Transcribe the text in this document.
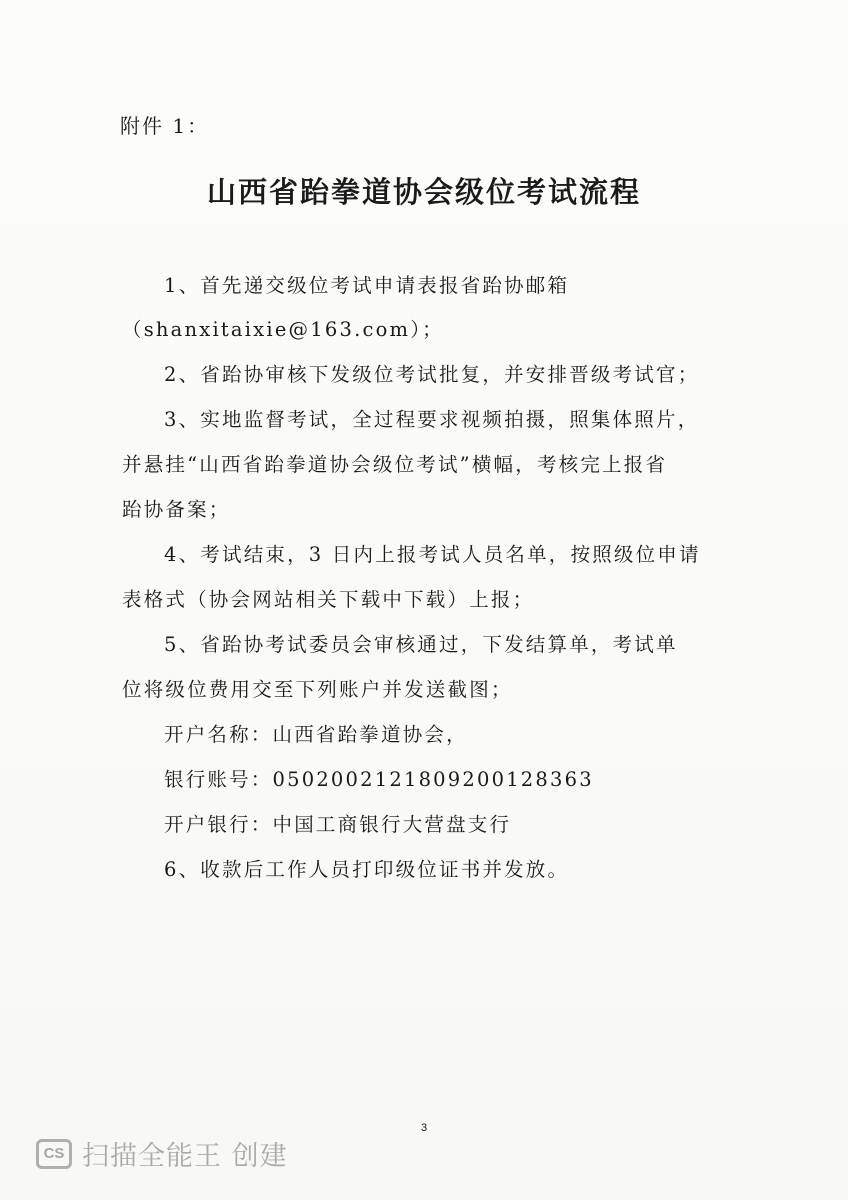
附件 1：
山西省跆拳道协会级位考试流程
1、首先递交级位考试申请表报省跆协邮箱
（shanxitaixie@163.com）；
2、省跆协审核下发级位考试批复，并安排晋级考试官；
3、实地监督考试，全过程要求视频拍摄，照集体照片，
并悬挂“山西省跆拳道协会级位考试”横幅，考核完上报省
跆协备案；
4、考试结束，3 日内上报考试人员名单，按照级位申请
表格式（协会网站相关下载中下载）上报；
5、省跆协考试委员会审核通过，下发结算单，考试单
位将级位费用交至下列账户并发送截图；
开户名称：山西省跆拳道协会，
银行账号：0502002121809200128363
开户银行：中国工商银行大营盘支行
6、收款后工作人员打印级位证书并发放。
3
CS 扫描全能王 创建
